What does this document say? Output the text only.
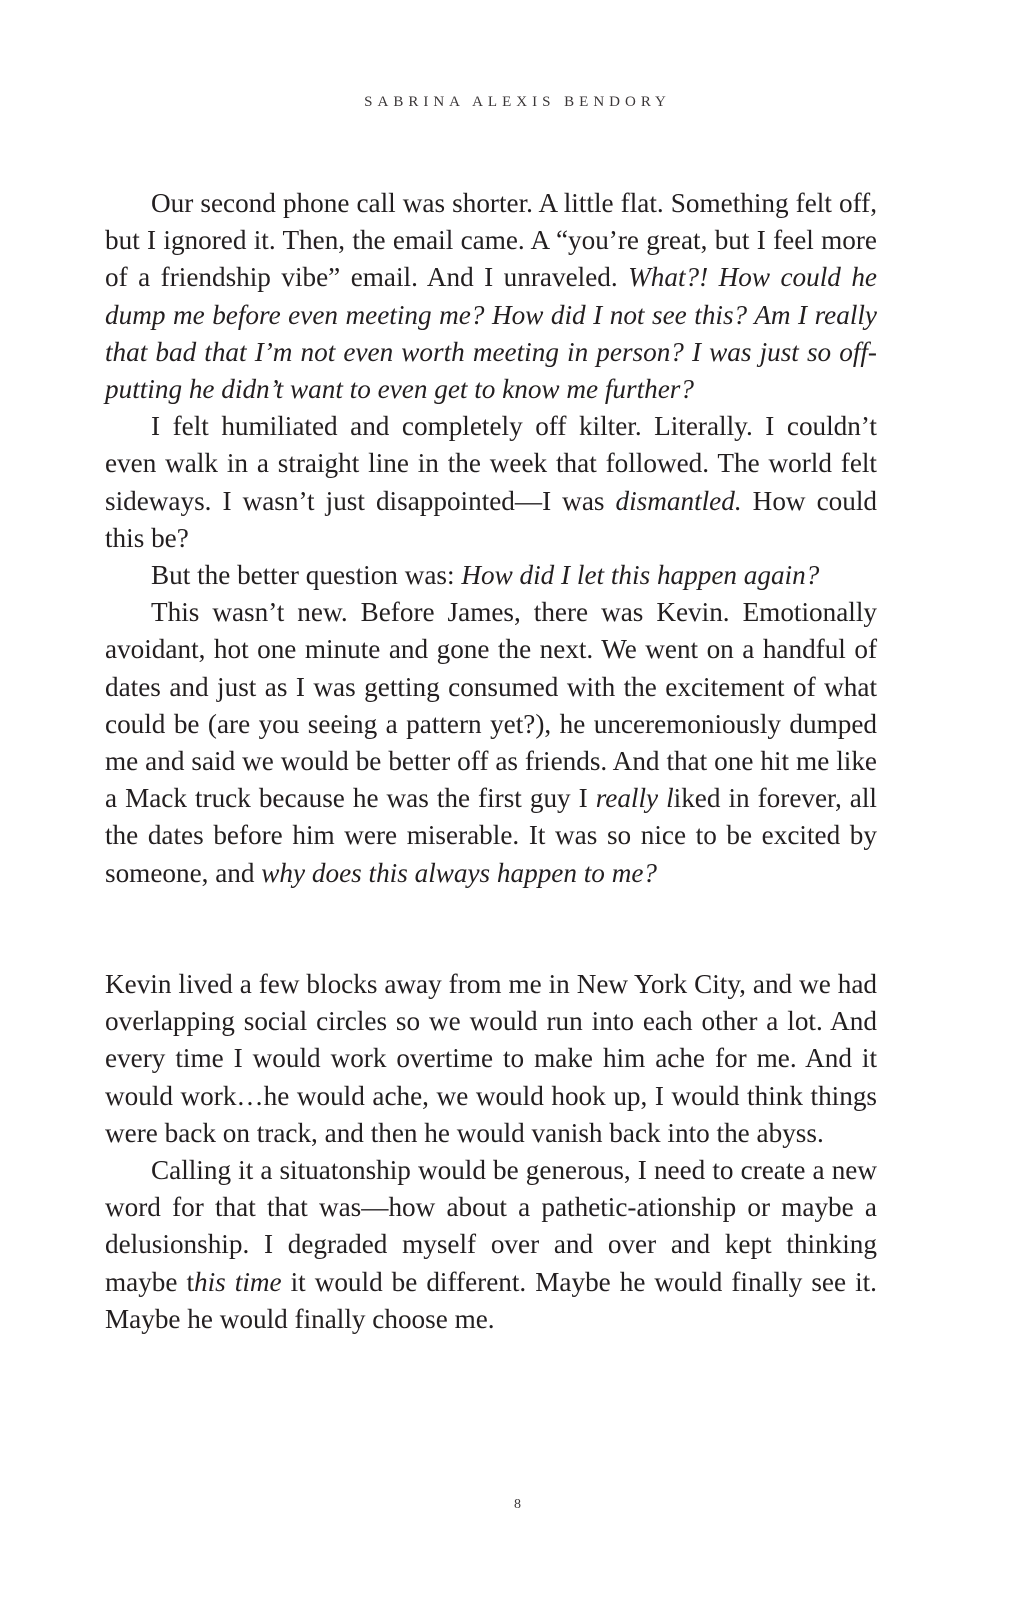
SABRINA ALEXIS BENDORY

Our second phone call was shorter. A little flat. Something felt off, but I ignored it. Then, the email came. A “you’re great, but I feel more of a friendship vibe” email. And I unraveled. What?! How could he dump me before even meeting me? How did I not see this? Am I really that bad that I’m not even worth meeting in person? I was just so off-putting he didn’t want to even get to know me further?

I felt humiliated and completely off kilter. Literally. I couldn’t even walk in a straight line in the week that followed. The world felt sideways. I wasn’t just disappointed—I was dismantled. How could this be?

But the better question was: How did I let this happen again?

This wasn’t new. Before James, there was Kevin. Emotionally avoidant, hot one minute and gone the next. We went on a handful of dates and just as I was getting consumed with the excitement of what could be (are you seeing a pattern yet?), he unceremoniously dumped me and said we would be better off as friends. And that one hit me like a Mack truck because he was the first guy I really liked in forever, all the dates before him were miserable. It was so nice to be excited by someone, and why does this always happen to me?

Kevin lived a few blocks away from me in New York City, and we had overlapping social circles so we would run into each other a lot. And every time I would work overtime to make him ache for me. And it would work…he would ache, we would hook up, I would think things were back on track, and then he would vanish back into the abyss.

Calling it a situatonship would be generous, I need to create a new word for that that was—how about a pathetic-ationship or maybe a delusionship. I degraded myself over and over and kept thinking maybe this time it would be different. Maybe he would finally see it. Maybe he would finally choose me.

8
